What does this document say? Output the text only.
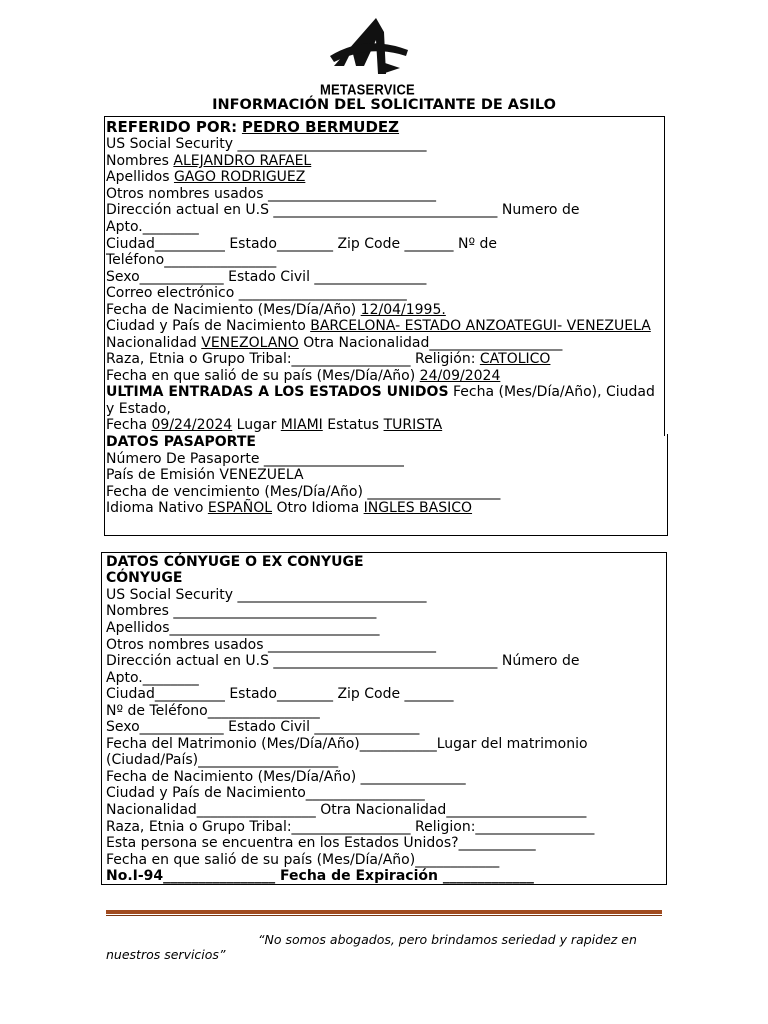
METASERVICE
INFORMACIÓN DEL SOLICITANTE DE ASILO
REFERIDO POR: PEDRO BERMUDEZ
US Social Security ___________________________
Nombres ALEJANDRO RAFAEL
Apellidos GAGO RODRIGUEZ
Otros nombres usados ________________________
Dirección actual en U.S ________________________________ Numero de
Apto.________
Ciudad__________ Estado________ Zip Code _______ Nº de
Teléfono________________
Sexo____________ Estado Civil ________________
Correo electrónico ________________________
Fecha de Nacimiento (Mes/Día/Año) 12/04/1995.
Ciudad y País de Nacimiento BARCELONA- ESTADO ANZOATEGUI- VENEZUELA
Nacionalidad VENEZOLANO Otra Nacionalidad___________________
Raza, Etnia o Grupo Tribal:_________________ Religión: CATOLICO
Fecha en que salió de su país (Mes/Día/Año) 24/09/2024
ULTIMA ENTRADAS A LOS ESTADOS UNIDOS Fecha (Mes/Día/Año), Ciudad
y Estado,
Fecha 09/24/2024 Lugar MIAMI Estatus TURISTA
DATOS PASAPORTE
Número De Pasaporte ____________________
País de Emisión VENEZUELA
Fecha de vencimiento (Mes/Día/Año) ___________________
Idioma Nativo ESPAÑOL Otro Idioma INGLES BASICO
DATOS CÓNYUGE O EX CONYUGE
CÓNYUGE
US Social Security ___________________________
Nombres _____________________________
Apellidos______________________________
Otros nombres usados ________________________
Dirección actual en U.S ________________________________ Número de
Apto.________
Ciudad__________ Estado________ Zip Code _______
Nº de Teléfono________________
Sexo____________ Estado Civil _______________
Fecha del Matrimonio (Mes/Día/Año)___________Lugar del matrimonio
(Ciudad/País)____________________
Fecha de Nacimiento (Mes/Día/Año) _______________
Ciudad y País de Nacimiento_________________
Nacionalidad_________________ Otra Nacionalidad____________________
Raza, Etnia o Grupo Tribal:_________________ Religion:_________________
Esta persona se encuentra en los Estados Unidos?___________
Fecha en que salió de su país (Mes/Día/Año)____________
No.I-94________________ Fecha de Expiración _____________
“No somos abogados, pero brindamos seriedad y rapidez en
nuestros servicios”
